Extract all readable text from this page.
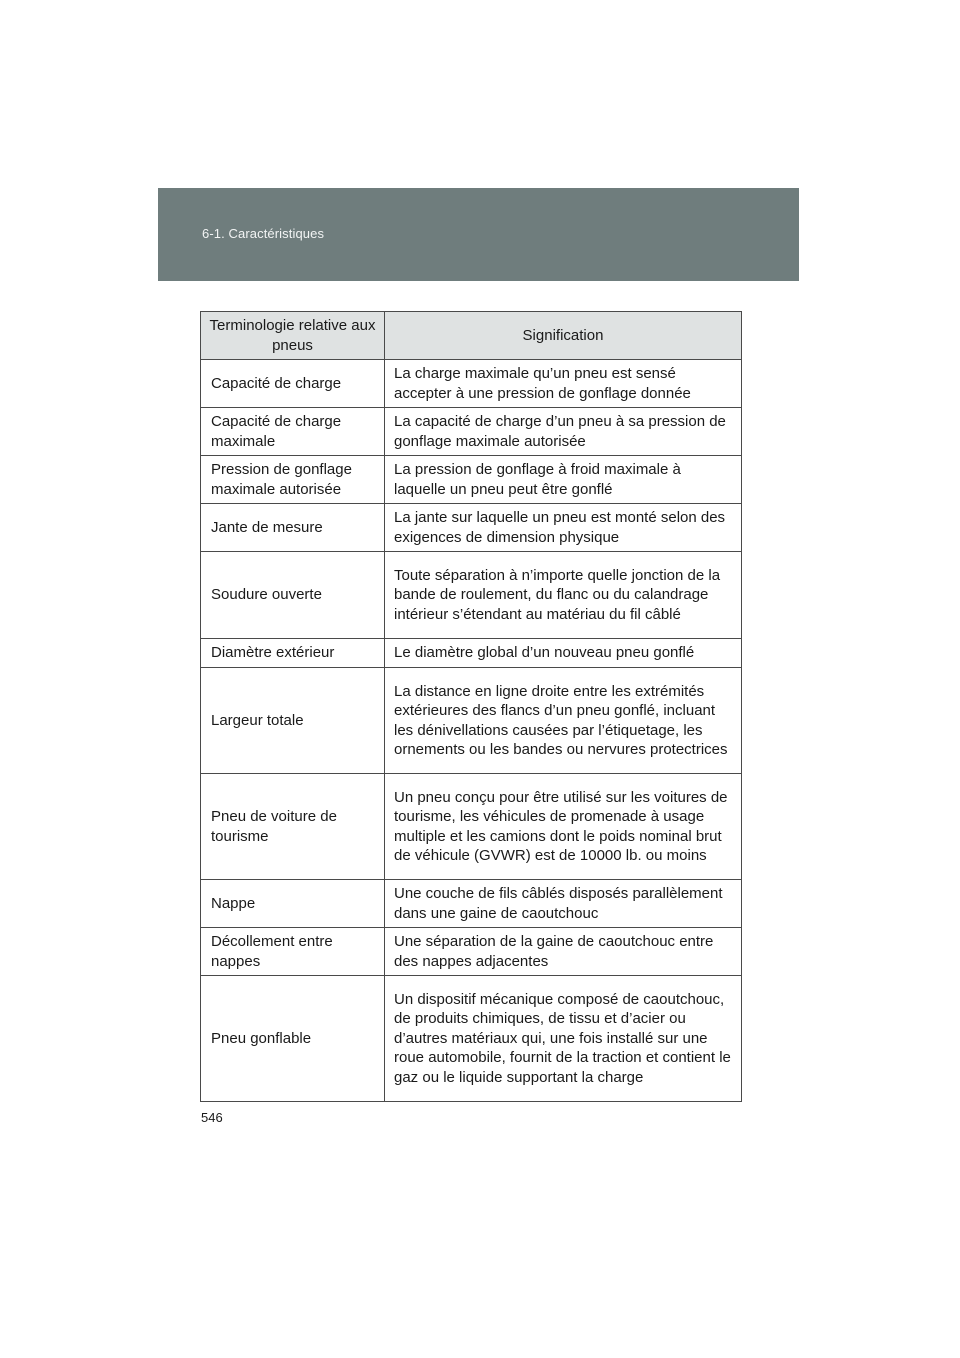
6-1. Caractéristiques
Terminologie relative aux pneus	Signification
Capacité de charge	La charge maximale qu’un pneu est sensé accepter à une pression de gonflage donnée
Capacité de charge maximale	La capacité de charge d’un pneu à sa pression de gonflage maximale autorisée
Pression de gonflage maximale autorisée	La pression de gonflage à froid maximale à laquelle un pneu peut être gonflé
Jante de mesure	La jante sur laquelle un pneu est monté selon des exigences de dimension physique
Soudure ouverte	Toute séparation à n’importe quelle jonction de la bande de roulement, du flanc ou du calandrage intérieur s’étendant au matériau du fil câblé
Diamètre extérieur	Le diamètre global d’un nouveau pneu gonflé
Largeur totale	La distance en ligne droite entre les extrémités extérieures des flancs d’un pneu gonflé, incluant les dénivellations causées par l’étiquetage, les ornements ou les bandes ou nervures protectrices
Pneu de voiture de tourisme	Un pneu conçu pour être utilisé sur les voitures de tourisme, les véhicules de promenade à usage multiple et les camions dont le poids nominal brut de véhicule (GVWR) est de 10000 lb. ou moins
Nappe	Une couche de fils câblés disposés parallèlement dans une gaine de caoutchouc
Décollement entre nappes	Une séparation de la gaine de caoutchouc entre des nappes adjacentes
Pneu gonflable	Un dispositif mécanique composé de caoutchouc, de produits chimiques, de tissu et d’acier ou d’autres matériaux qui, une fois installé sur une roue automobile, fournit de la traction et contient le gaz ou le liquide supportant la charge
546
